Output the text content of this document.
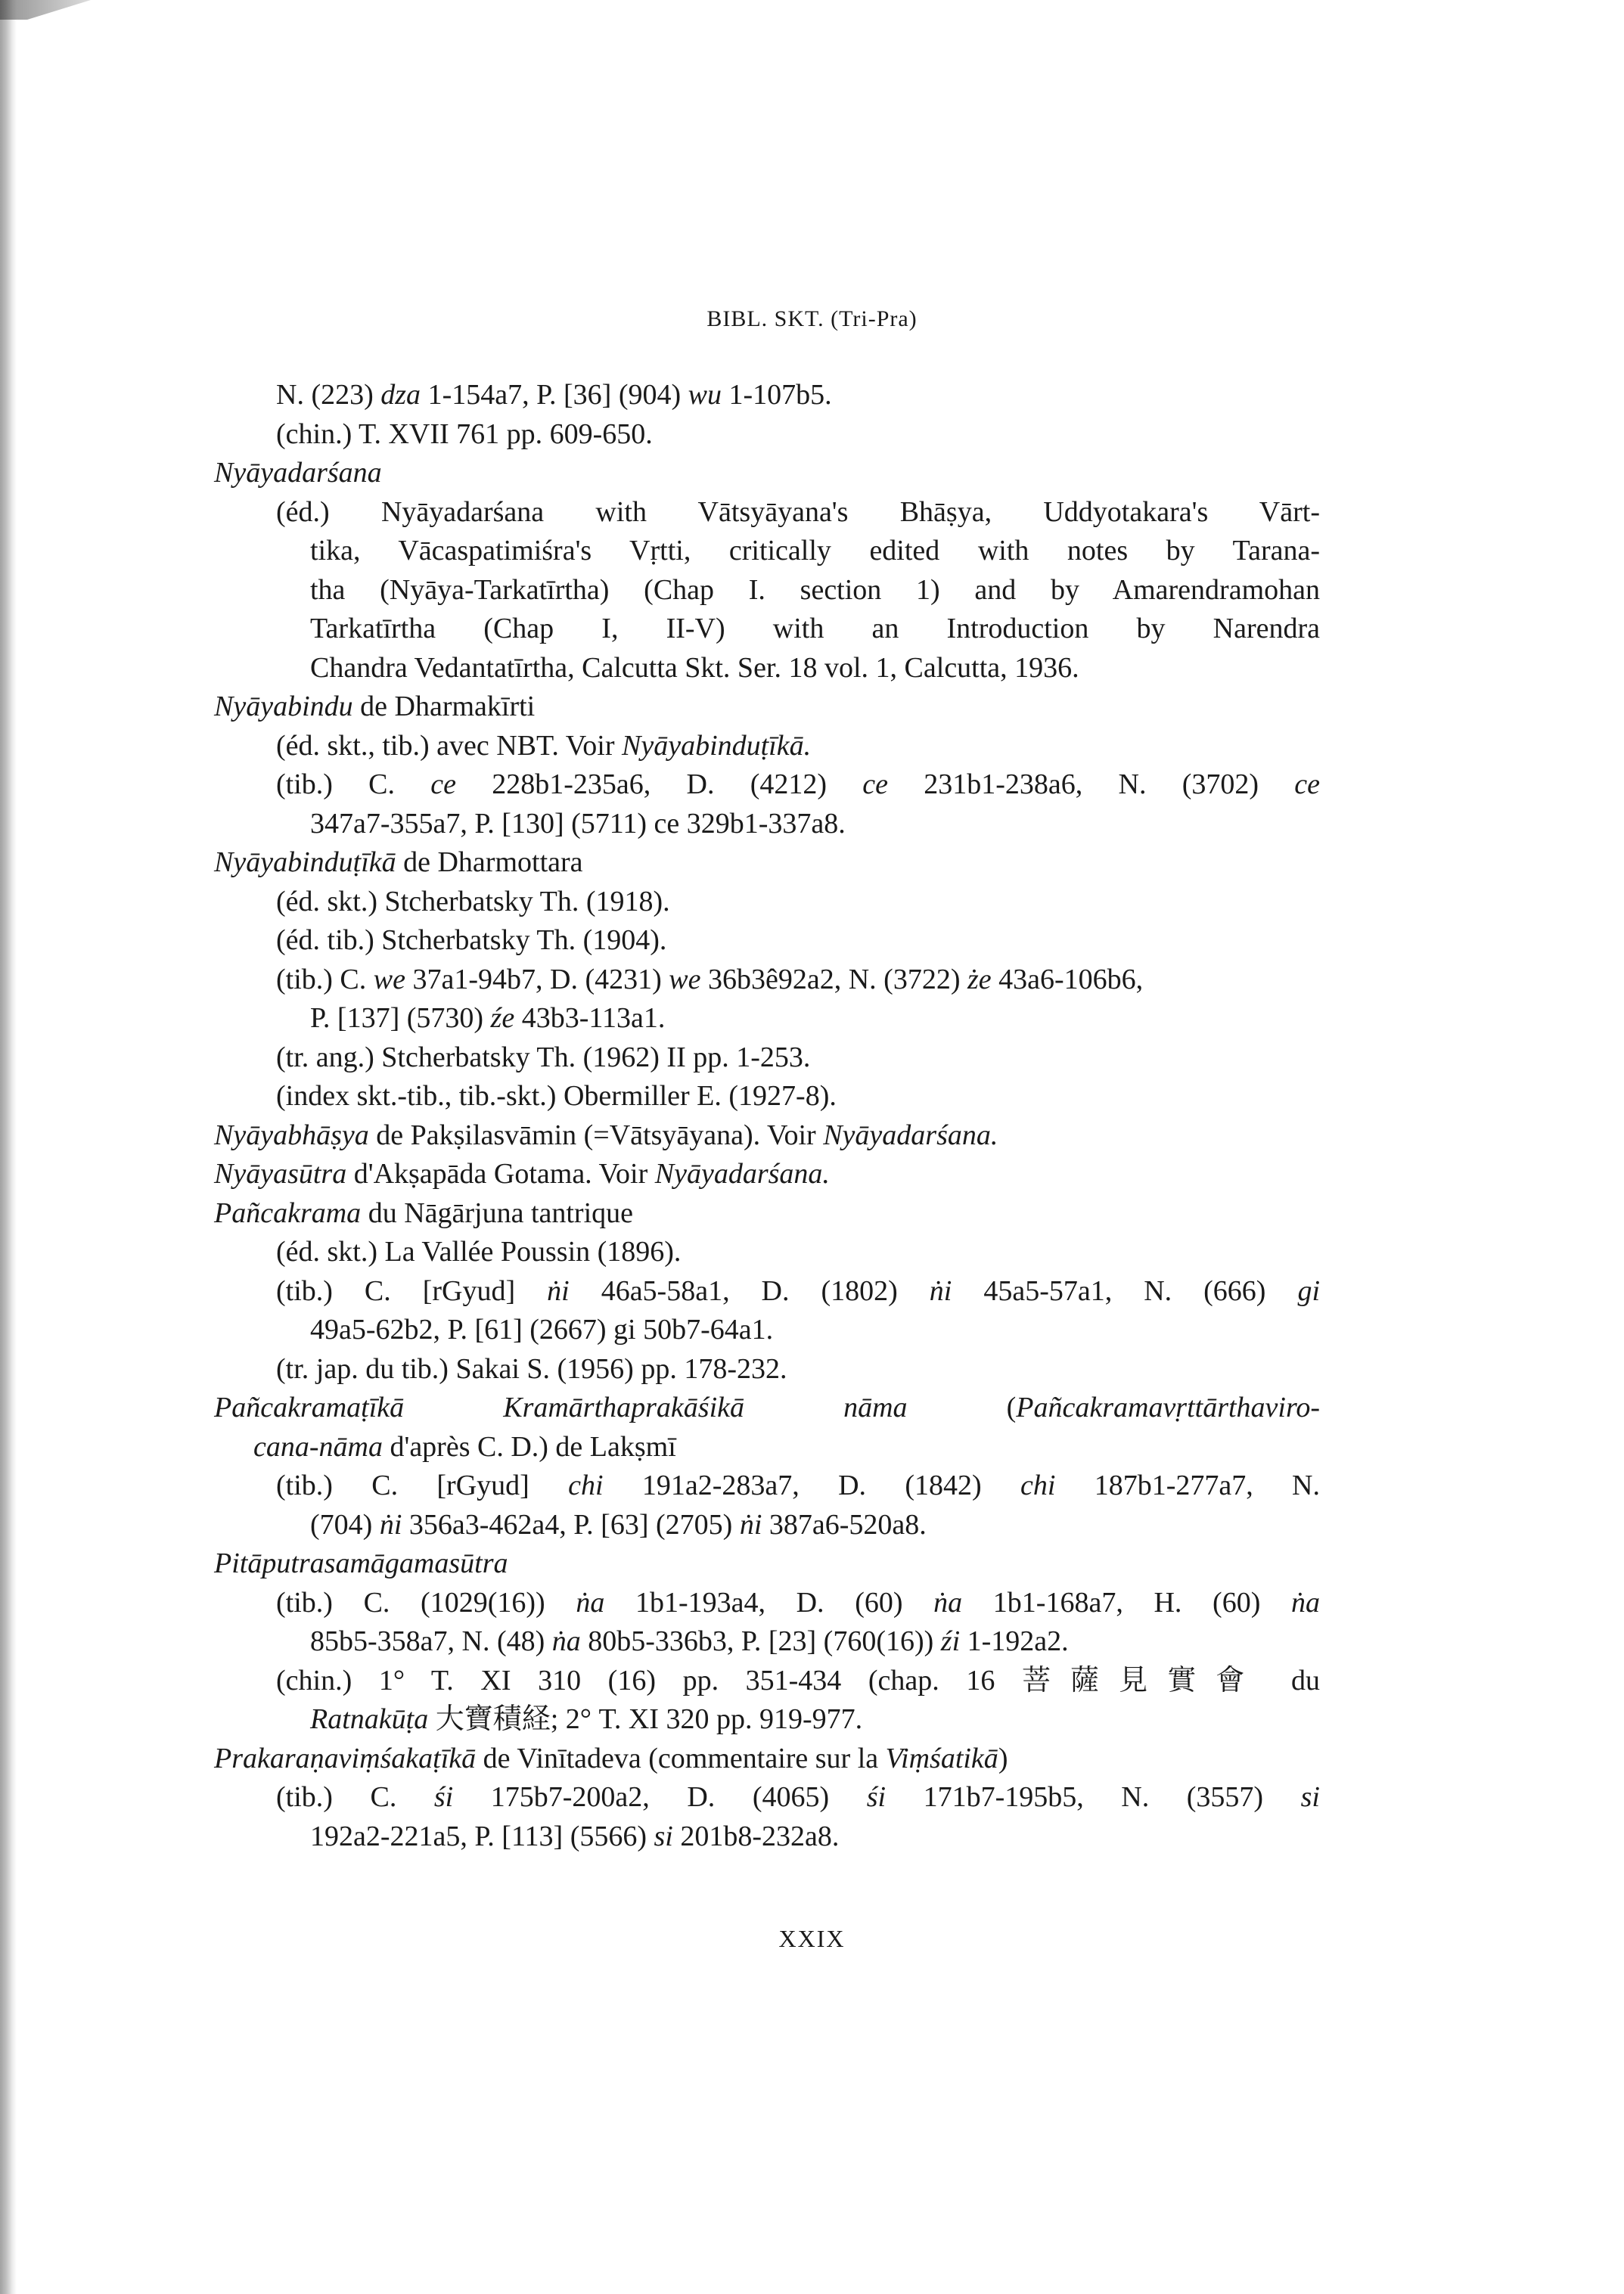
BIBL. SKT. (Tri-Pra)
N. (223) dza 1-154a7, P. [36] (904) wu 1-107b5.
(chin.) T. XVII 761 pp. 609-650.
Nyāyadarśana
(éd.) Nyāyadarśana with Vātsyāyana's Bhāṣya, Uddyotakara's Vārt-
tika, Vācaspatimiśra's Vṛtti, critically edited with notes by Tarana-
tha (Nyāya-Tarkatīrtha) (Chap I. section 1) and by Amarendramohan
Tarkatīrtha (Chap I, II-V) with an Introduction by Narendra
Chandra Vedantatīrtha, Calcutta Skt. Ser. 18 vol. 1, Calcutta, 1936.
Nyāyabindu de Dharmakīrti
(éd. skt., tib.) avec NBT. Voir Nyāyabinduṭīkā.
(tib.) C. ce 228b1-235a6, D. (4212) ce 231b1-238a6, N. (3702) ce
347a7-355a7, P. [130] (5711) ce 329b1-337a8.
Nyāyabinduṭīkā de Dharmottara
(éd. skt.) Stcherbatsky Th. (1918).
(éd. tib.) Stcherbatsky Th. (1904).
(tib.) C. we 37a1-94b7, D. (4231) we 36b3ê92a2, N. (3722) że 43a6-106b6,
P. [137] (5730) źe 43b3-113a1.
(tr. ang.) Stcherbatsky Th. (1962) II pp. 1-253.
(index skt.-tib., tib.-skt.) Obermiller E. (1927-8).
Nyāyabhāṣya de Pakṣilasvāmin (=Vātsyāyana). Voir Nyāyadarśana.
Nyāyasūtra d'Akṣapāda Gotama. Voir Nyāyadarśana.
Pañcakrama du Nāgārjuna tantrique
(éd. skt.) La Vallée Poussin (1896).
(tib.) C. [rGyud] ṅi 46a5-58a1, D. (1802) ṅi 45a5-57a1, N. (666) gi
49a5-62b2, P. [61] (2667) gi 50b7-64a1.
(tr. jap. du tib.) Sakai S. (1956) pp. 178-232.
Pañcakramaṭīkā Kramārthaprakāśikā nāma (Pañcakramavṛttārthaviro-
cana-nāma d'après C. D.) de Lakṣmī
(tib.) C. [rGyud] chi 191a2-283a7, D. (1842) chi 187b1-277a7, N.
(704) ṅi 356a3-462a4, P. [63] (2705) ṅi 387a6-520a8.
Pitāputrasamāgamasūtra
(tib.) C. (1029(16)) ṅa 1b1-193a4, D. (60) ṅa 1b1-168a7, H. (60) ṅa
85b5-358a7, N. (48) ṅa 80b5-336b3, P. [23] (760(16)) źi 1-192a2.
(chin.) 1° T. XI 310 (16) pp. 351-434 (chap. 16 菩薩見實會 du
Ratnakūṭa 大寶積経; 2° T. XI 320 pp. 919-977.
Prakaraṇaviṃśakaṭīkā de Vinītadeva (commentaire sur la Viṃśatikā)
(tib.) C. śi 175b7-200a2, D. (4065) śi 171b7-195b5, N. (3557) si
192a2-221a5, P. [113] (5566) si 201b8-232a8.
XXIX
